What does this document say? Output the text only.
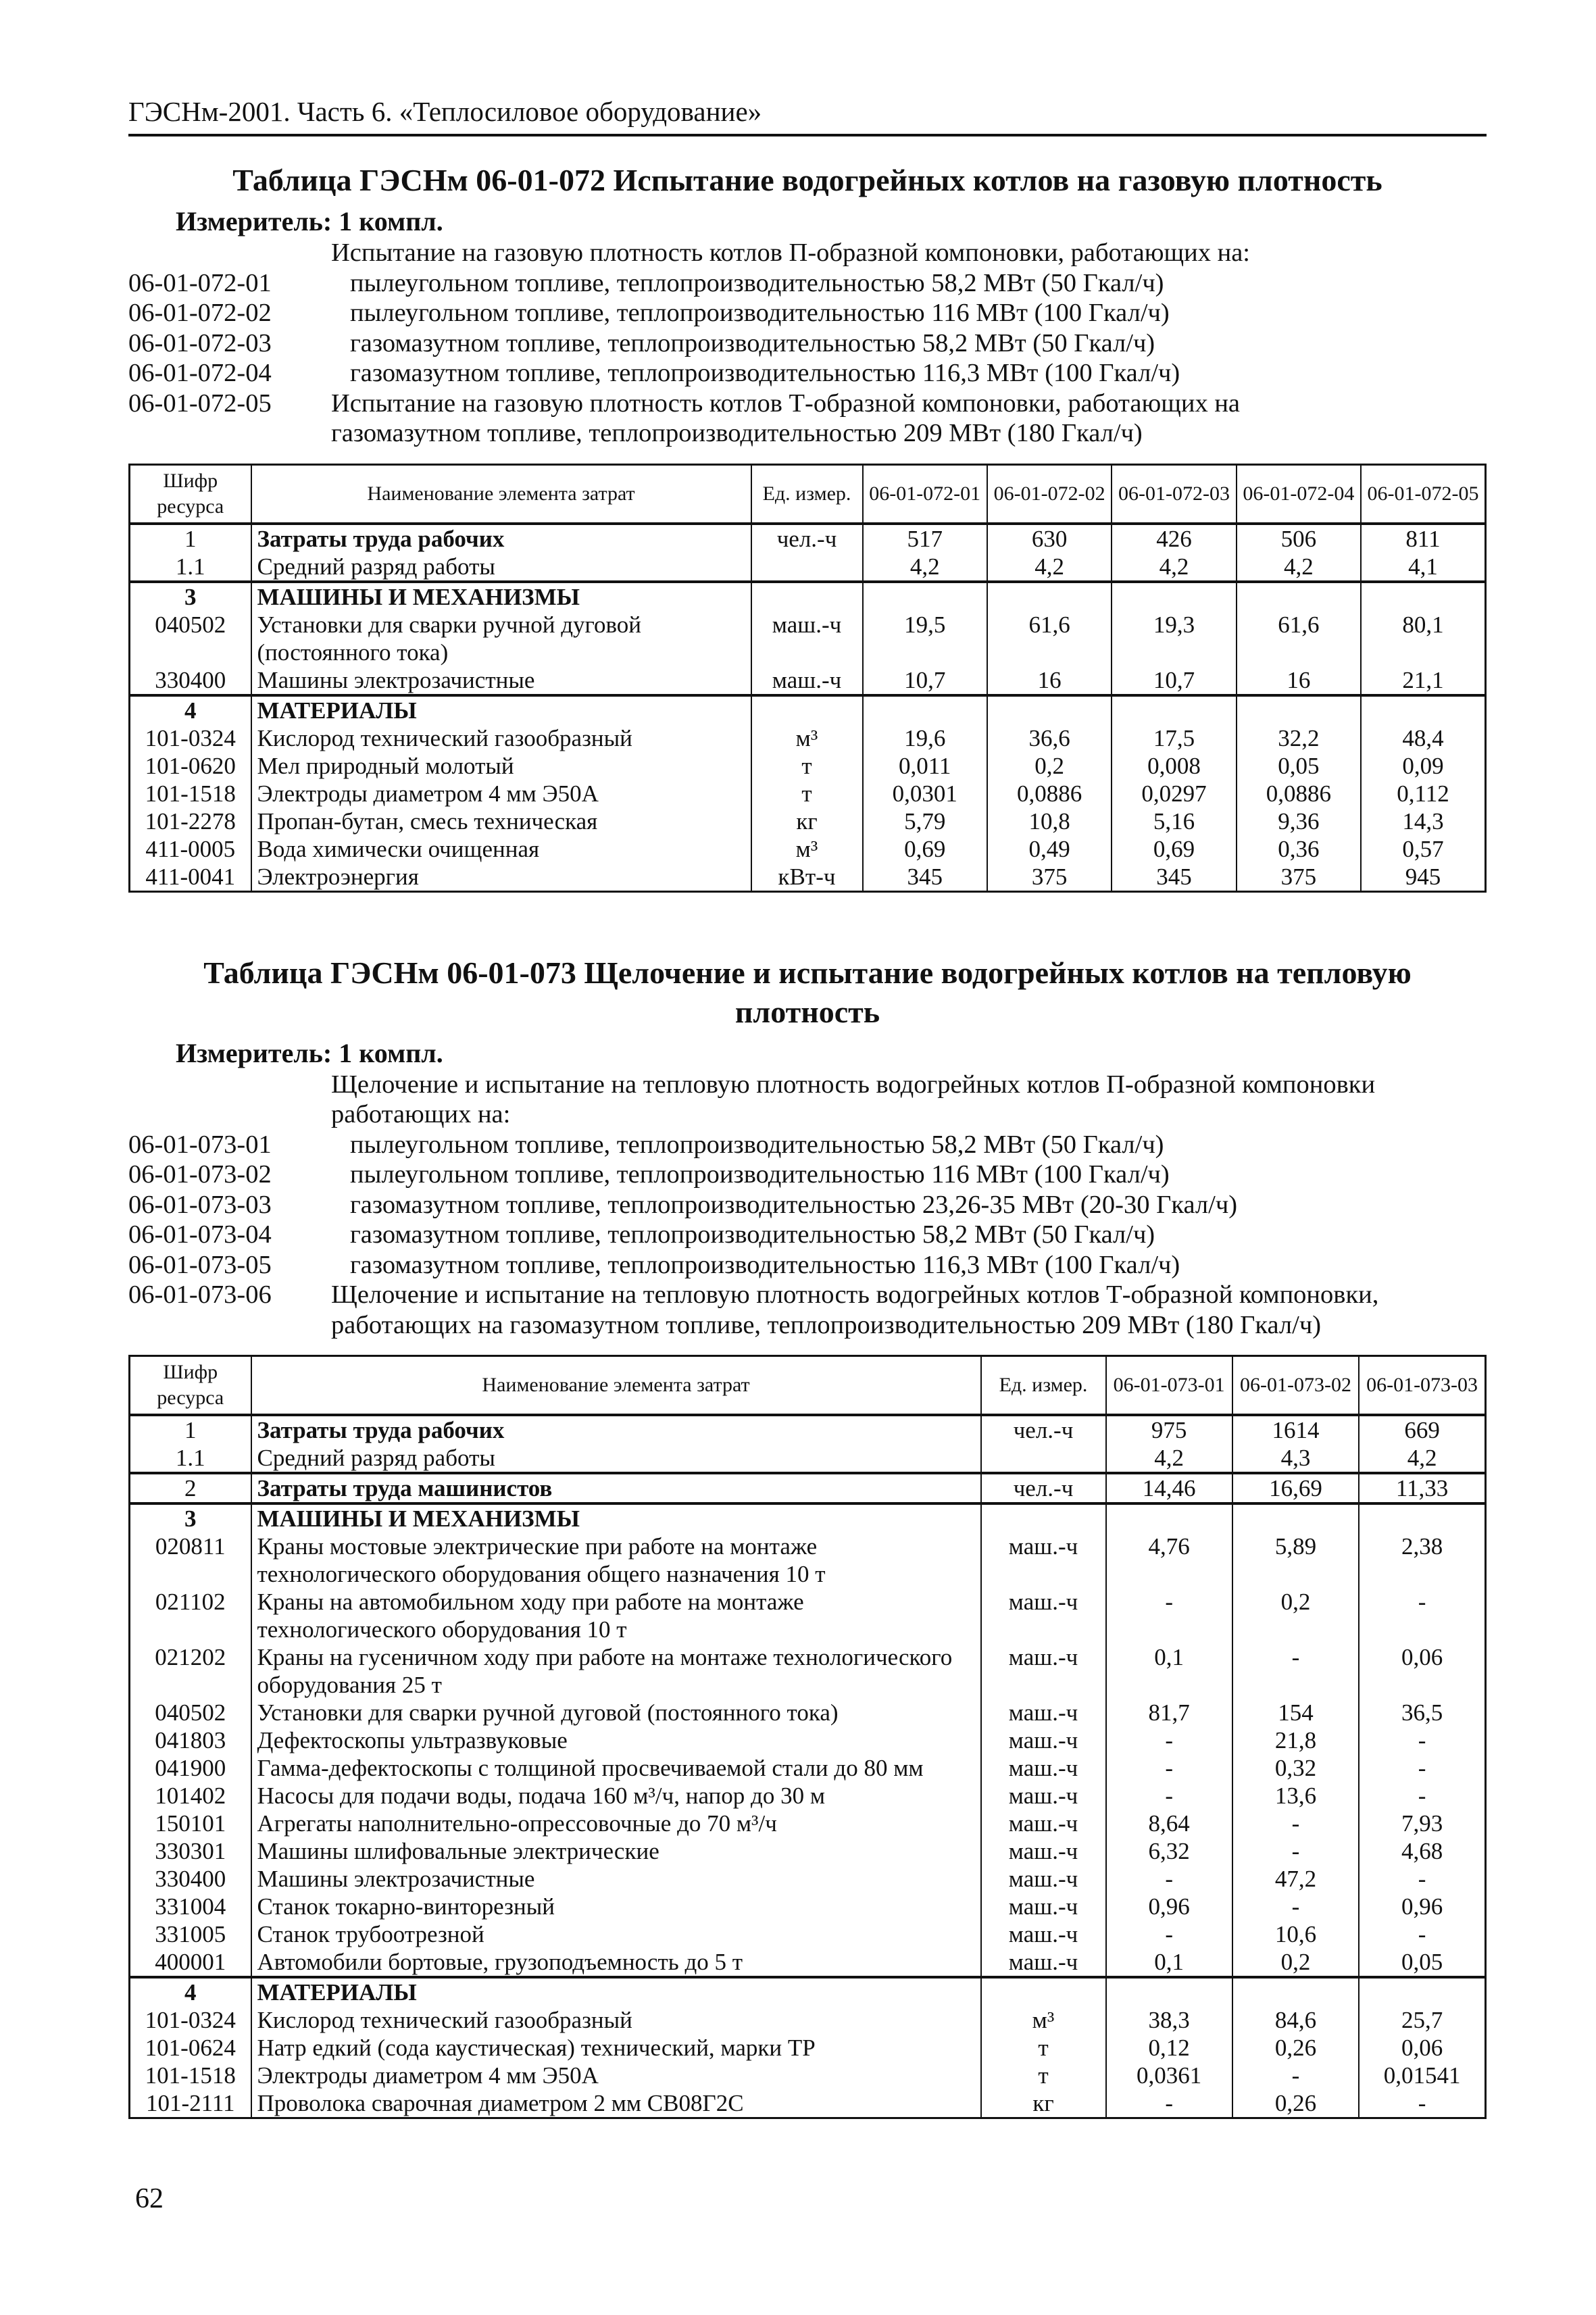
ГЭСНм-2001. Часть 6. «Теплосиловое оборудование»
Таблица ГЭСНм 06-01-072 Испытание водогрейных котлов на газовую плотность
Измеритель: 1 компл.
Испытание на газовую плотность котлов П-образной компоновки, работающих на:
06-01-072-01	пылеугольном топливе, теплопроизводительностью 58,2 МВт (50 Гкал/ч)
06-01-072-02	пылеугольном топливе, теплопроизводительностью 116 МВт (100 Гкал/ч)
06-01-072-03	газомазутном топливе, теплопроизводительностью 58,2 МВт (50 Гкал/ч)
06-01-072-04	газомазутном топливе, теплопроизводительностью 116,3 МВт (100 Гкал/ч)
06-01-072-05	Испытание на газовую плотность котлов Т-образной компоновки, работающих на
газомазутном топливе, теплопроизводительностью 209 МВт (180 Гкал/ч)
Шифр ресурса	Наименование элемента затрат	Ед. измер.	06-01-072-01	06-01-072-02	06-01-072-03	06-01-072-04	06-01-072-05
1	Затраты труда рабочих	чел.-ч	517	630	426	506	811
1.1	Средний разряд работы		4,2	4,2	4,2	4,2	4,1
3	МАШИНЫ И МЕХАНИЗМЫ						
040502	Установки для сварки ручной дуговой (постоянного тока)	маш.-ч	19,5	61,6	19,3	61,6	80,1
330400	Машины электрозачистные	маш.-ч	10,7	16	10,7	16	21,1
4	МАТЕРИАЛЫ						
101-0324	Кислород технический газообразный	м³	19,6	36,6	17,5	32,2	48,4
101-0620	Мел природный молотый	т	0,011	0,2	0,008	0,05	0,09
101-1518	Электроды диаметром 4 мм Э50А	т	0,0301	0,0886	0,0297	0,0886	0,112
101-2278	Пропан-бутан, смесь техническая	кг	5,79	10,8	5,16	9,36	14,3
411-0005	Вода химически очищенная	м³	0,69	0,49	0,69	0,36	0,57
411-0041	Электроэнергия	кВт-ч	345	375	345	375	945
Таблица ГЭСНм 06-01-073 Щелочение и испытание водогрейных котлов на тепловую плотность
Измеритель: 1 компл.
Щелочение и испытание на тепловую плотность водогрейных котлов П-образной компоновки работающих на:
06-01-073-01	пылеугольном топливе, теплопроизводительностью 58,2 МВт (50 Гкал/ч)
06-01-073-02	пылеугольном топливе, теплопроизводительностью 116 МВт (100 Гкал/ч)
06-01-073-03	газомазутном топливе, теплопроизводительностью 23,26-35 МВт (20-30 Гкал/ч)
06-01-073-04	газомазутном топливе, теплопроизводительностью 58,2 МВт (50 Гкал/ч)
06-01-073-05	газомазутном топливе, теплопроизводительностью 116,3 МВт (100 Гкал/ч)
06-01-073-06	Щелочение и испытание на тепловую плотность водогрейных котлов Т-образной компоновки, работающих на газомазутном топливе, теплопроизводительностью 209 МВт (180 Гкал/ч)
Шифр ресурса	Наименование элемента затрат	Ед. измер.	06-01-073-01	06-01-073-02	06-01-073-03
1	Затраты труда рабочих	чел.-ч	975	1614	669
1.1	Средний разряд работы		4,2	4,3	4,2
2	Затраты труда машинистов	чел.-ч	14,46	16,69	11,33
3	МАШИНЫ И МЕХАНИЗМЫ				
020811	Краны мостовые электрические при работе на монтаже технологического оборудования общего назначения 10 т	маш.-ч	4,76	5,89	2,38
021102	Краны на автомобильном ходу при работе на монтаже технологического оборудования 10 т	маш.-ч	-	0,2	-
021202	Краны на гусеничном ходу при работе на монтаже технологического оборудования 25 т	маш.-ч	0,1	-	0,06
040502	Установки для сварки ручной дуговой (постоянного тока)	маш.-ч	81,7	154	36,5
041803	Дефектоскопы ультразвуковые	маш.-ч	-	21,8	-
041900	Гамма-дефектоскопы с толщиной просвечиваемой стали до 80 мм	маш.-ч	-	0,32	-
101402	Насосы для подачи воды, подача 160 м³/ч, напор до 30 м	маш.-ч	-	13,6	-
150101	Агрегаты наполнительно-опрессовочные до 70 м³/ч	маш.-ч	8,64	-	7,93
330301	Машины шлифовальные электрические	маш.-ч	6,32	-	4,68
330400	Машины электрозачистные	маш.-ч	-	47,2	-
331004	Станок токарно-винторезный	маш.-ч	0,96	-	0,96
331005	Станок трубоотрезной	маш.-ч	-	10,6	-
400001	Автомобили бортовые, грузоподъемность до 5 т	маш.-ч	0,1	0,2	0,05
4	МАТЕРИАЛЫ				
101-0324	Кислород технический газообразный	м³	38,3	84,6	25,7
101-0624	Натр едкий (сода каустическая) технический, марки ТР	т	0,12	0,26	0,06
101-1518	Электроды диаметром 4 мм Э50А	т	0,0361	-	0,01541
101-2111	Проволока сварочная диаметром 2 мм СВ08Г2С	кг	-	0,26	-
62
